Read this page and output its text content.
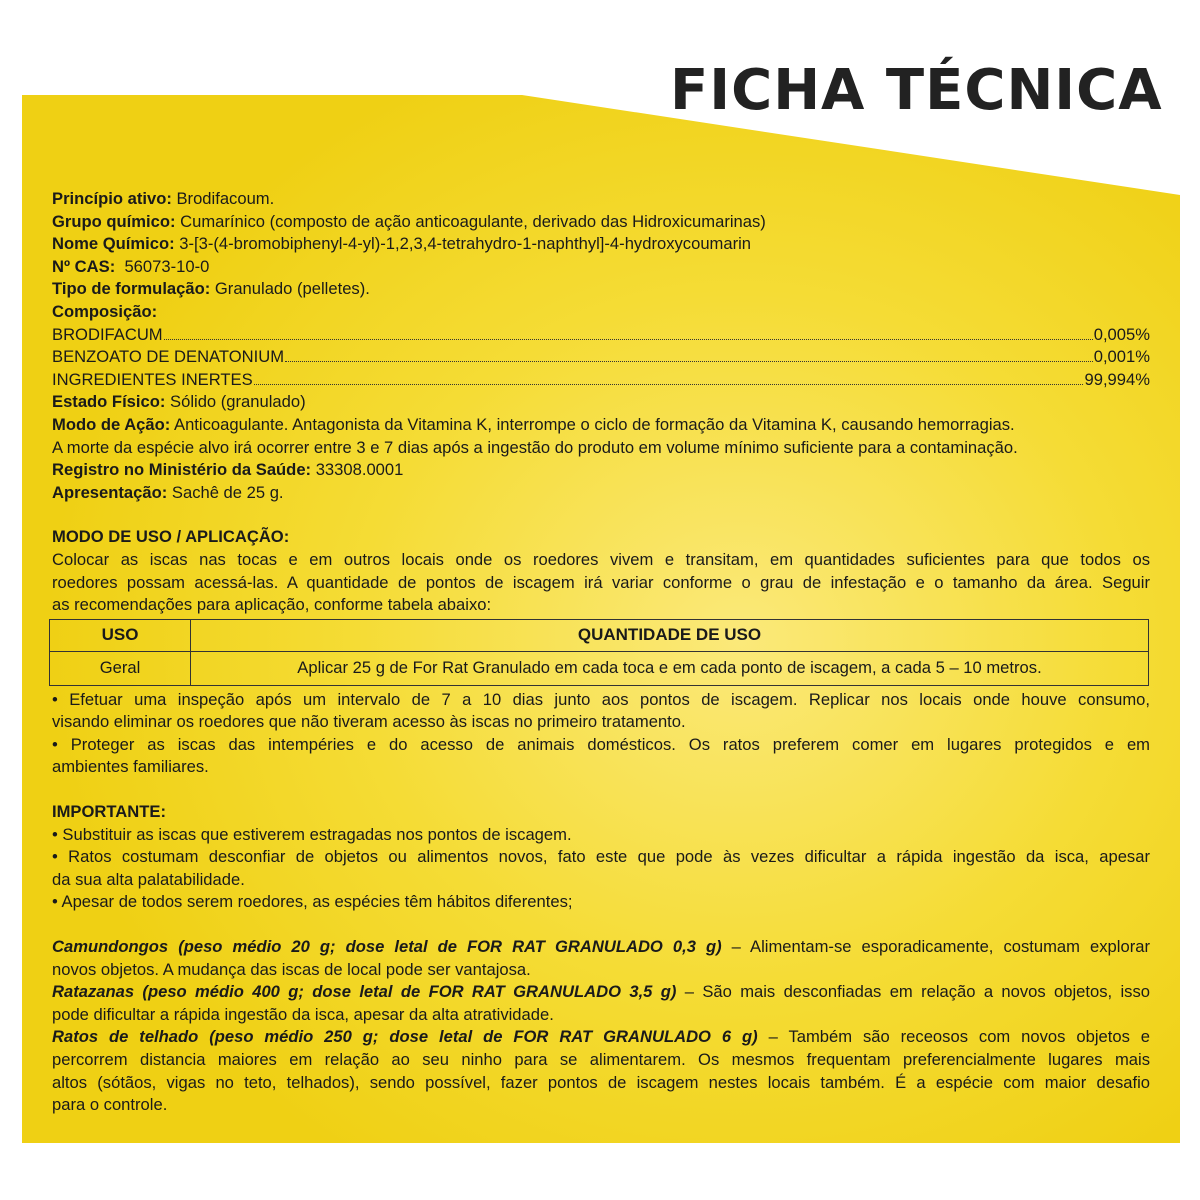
FICHA TÉCNICA
Princípio ativo: Brodifacoum.
Grupo químico: Cumarínico (composto de ação anticoagulante, derivado das Hidroxicumarinas)
Nome Químico: 3-[3-(4-bromobiphenyl-4-yl)-1,2,3,4-tetrahydro-1-naphthyl]-4-hydroxycoumarin
Nº CAS:  56073-10-0
Tipo de formulação: Granulado (pelletes).
Composição:
BRODIFACUM	0,005%
BENZOATO DE DENATONIUM	0,001%
INGREDIENTES INERTES	99,994%
Estado Físico: Sólido (granulado)
Modo de Ação: Anticoagulante. Antagonista da Vitamina K, interrompe o ciclo de formação da Vitamina K, causando hemorragias.
A morte da espécie alvo irá ocorrer entre 3 e 7 dias após a ingestão do produto em volume mínimo suficiente para a contaminação.
Registro no Ministério da Saúde: 33308.0001
Apresentação: Sachê de 25 g.
MODO DE USO / APLICAÇÃO:
Colocar as iscas nas tocas e em outros locais onde os roedores vivem e transitam, em quantidades suficientes para que todos os
roedores possam acessá-las. A quantidade de pontos de iscagem irá variar conforme o grau de infestação e o tamanho da área. Seguir
as recomendações para aplicação, conforme tabela abaixo:
USO	QUANTIDADE DE USO
Geral	Aplicar 25 g de For Rat Granulado em cada toca e em cada ponto de iscagem, a cada 5 – 10 metros.
• Efetuar uma inspeção após um intervalo de 7 a 10 dias junto aos pontos de iscagem. Replicar nos locais onde houve consumo,
visando eliminar os roedores que não tiveram acesso às iscas no primeiro tratamento.
• Proteger as iscas das intempéries e do acesso de animais domésticos. Os ratos preferem comer em lugares protegidos e em
ambientes familiares.
IMPORTANTE:
• Substituir as iscas que estiverem estragadas nos pontos de iscagem.
• Ratos costumam desconfiar de objetos ou alimentos novos, fato este que pode às vezes dificultar a rápida ingestão da isca, apesar
da sua alta palatabilidade.
• Apesar de todos serem roedores, as espécies têm hábitos diferentes;
Camundongos (peso médio 20 g; dose letal de FOR RAT GRANULADO 0,3 g) – Alimentam-se esporadicamente, costumam explorar
novos objetos. A mudança das iscas de local pode ser vantajosa.
Ratazanas (peso médio 400 g; dose letal de FOR RAT GRANULADO 3,5 g) – São mais desconfiadas em relação a novos objetos, isso
pode dificultar a rápida ingestão da isca, apesar da alta atratividade.
Ratos de telhado (peso médio 250 g; dose letal de FOR RAT GRANULADO 6 g) – Também são receosos com novos objetos e
percorrem distancia maiores em relação ao seu ninho para se alimentarem. Os mesmos frequentam preferencialmente lugares mais
altos (sótãos, vigas no teto, telhados), sendo possível, fazer pontos de iscagem nestes locais também. É a espécie com maior desafio
para o controle.
